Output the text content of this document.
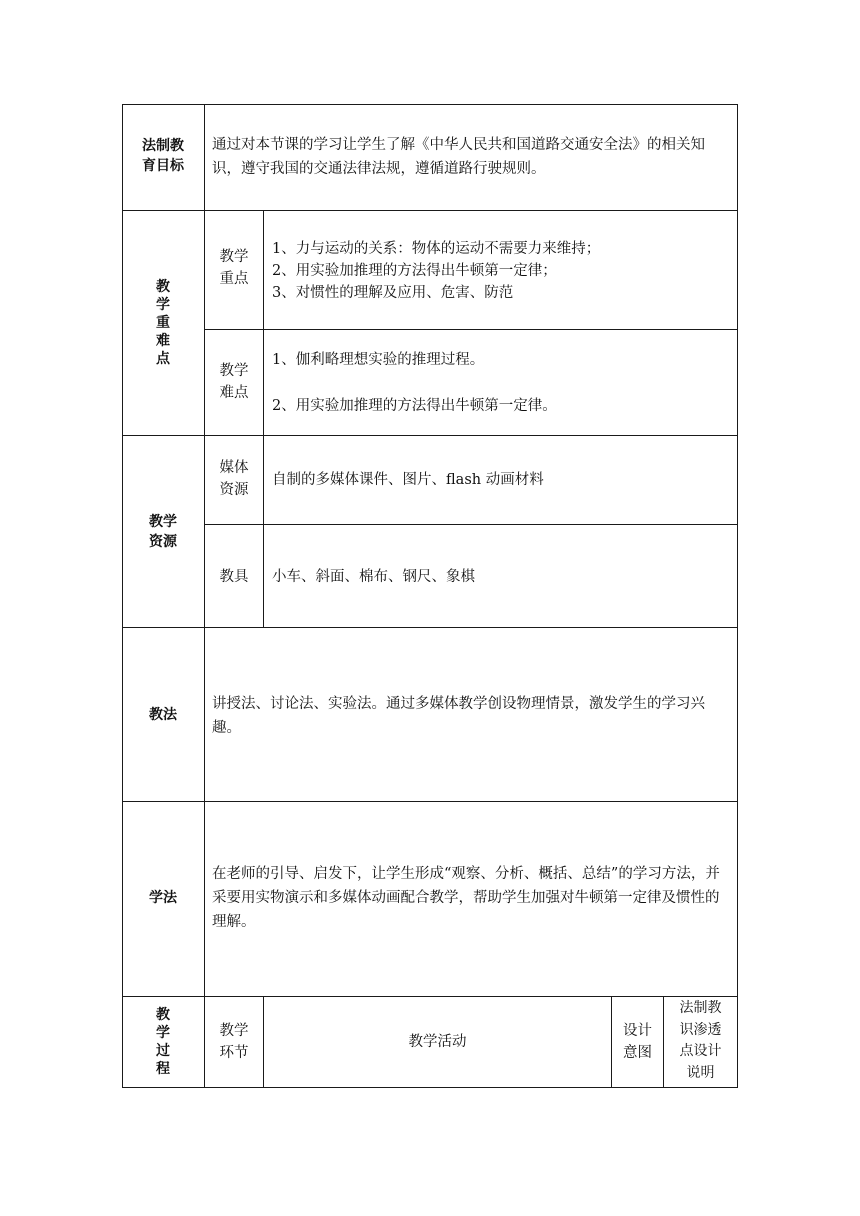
法制教
育目标
通过对本节课的学习让学生了解《中华人民共和国道路交通安全法》的相关知识，遵守我国的交通法律法规，遵循道路行驶规则。
教
学
重
难
点
教学
重点
1、力与运动的关系：物体的运动不需要力来维持；
2、用实验加推理的方法得出牛顿第一定律；
3、对惯性的理解及应用、危害、防范
教学
难点
1、伽利略理想实验的推理过程。
2、用实验加推理的方法得出牛顿第一定律。
教学
资源
媒体
资源
自制的多媒体课件、图片、flash 动画材料
教具	小车、斜面、棉布、钢尺、象棋
教法
讲授法、讨论法、实验法。通过多媒体教学创设物理情景，激发学生的学习兴趣。
学法
在老师的引导、启发下，让学生形成“观察、分析、概括、总结”的学习方法，并采要用实物演示和多媒体动画配合教学，帮助学生加强对牛顿第一定律及惯性的理解。
教
学
过
程
教学
环节
教学活动
设计
意图
法制教
识渗透
点设计
说明
